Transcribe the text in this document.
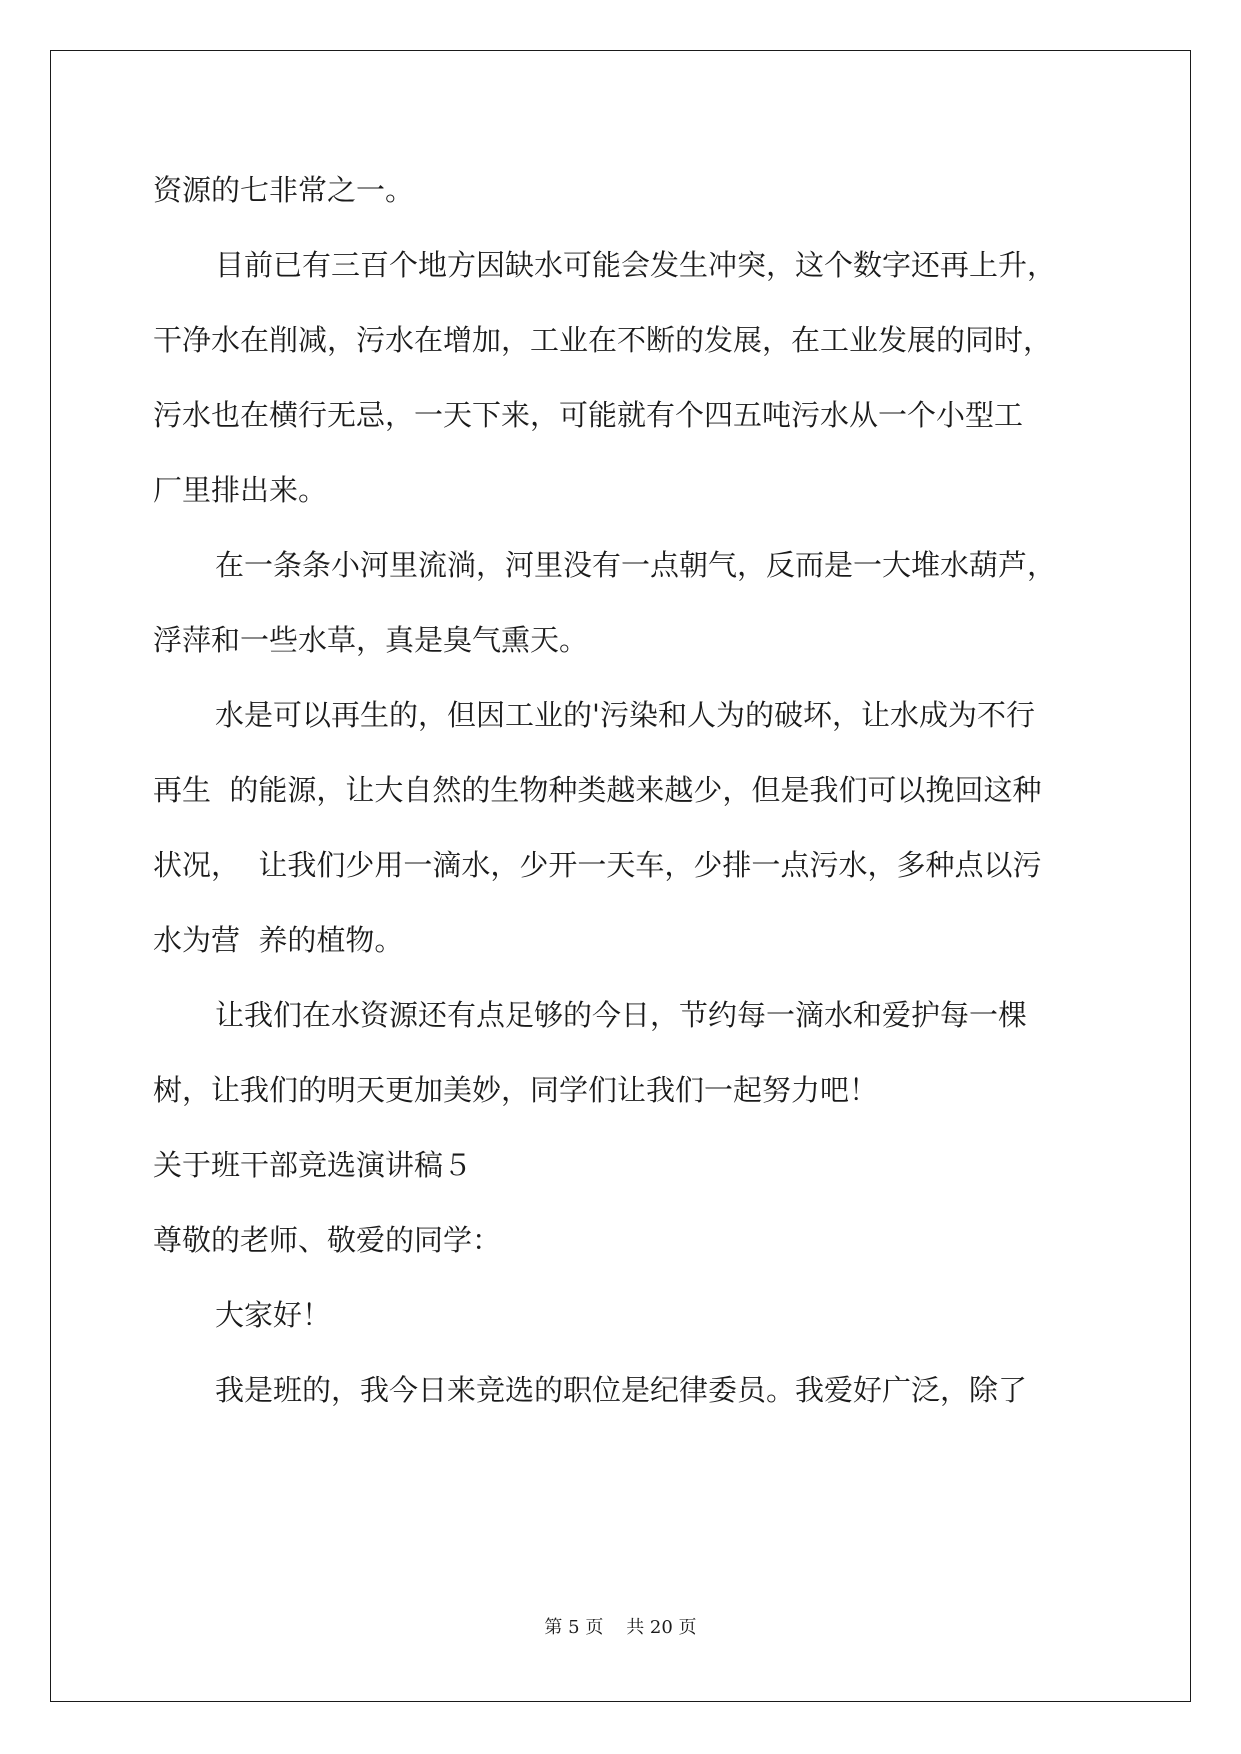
资源的七非常之一。

目前已有三百个地方因缺水可能会发生冲突，这个数字还再上升，

干净水在削减，污水在增加，工业在不断的发展，在工业发展的同时，

污水也在横行无忌，一天下来，可能就有个四五吨污水从一个小型工

厂里排出来。

在一条条小河里流淌，河里没有一点朝气，反而是一大堆水葫芦，

浮萍和一些水草，真是臭气熏天。

水是可以再生的，但因工业的'污染和人为的破坏，让水成为不行

再生  的能源，让大自然的生物种类越来越少，但是我们可以挽回这种

状况，  让我们少用一滴水，少开一天车，少排一点污水，多种点以污

水为营  养的植物。

让我们在水资源还有点足够的今日，节约每一滴水和爱护每一棵

树，让我们的明天更加美妙，同学们让我们一起努力吧！

关于班干部竞选演讲稿５

尊敬的老师、敬爱的同学：

大家好！

我是班的，我今日来竞选的职位是纪律委员。我爱好广泛，除了

第 5 页    共 20 页
